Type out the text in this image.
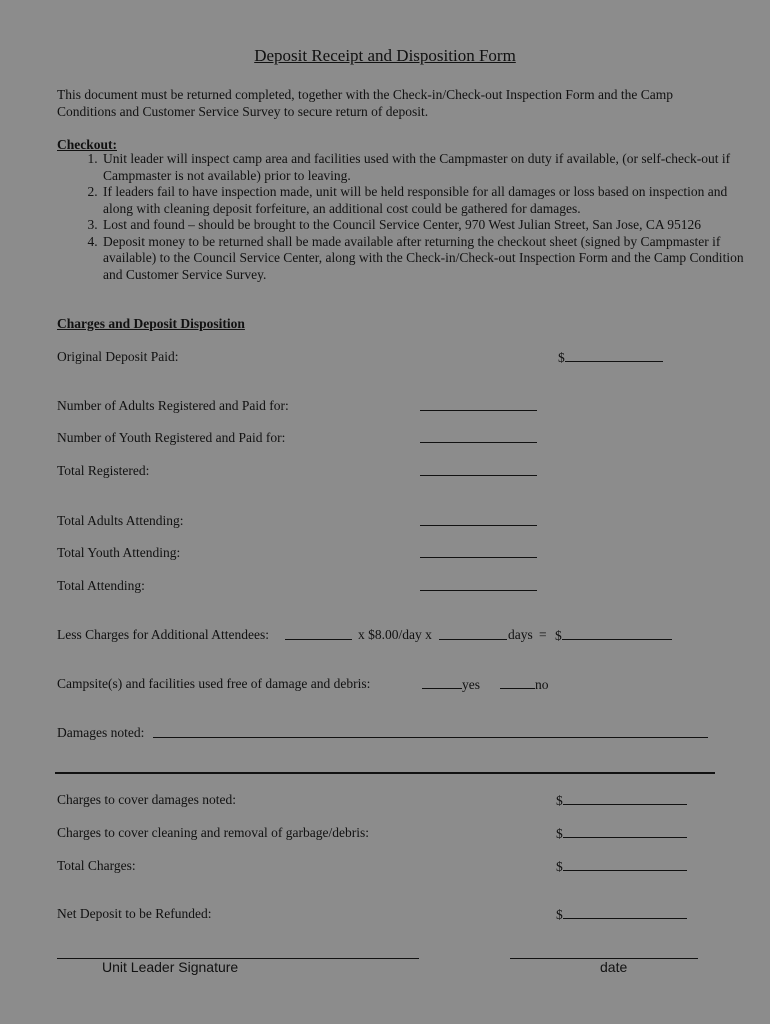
Deposit Receipt and Disposition Form
This document must be returned completed, together with the Check-in/Check-out Inspection Form and the Camp Conditions and Customer Service Survey to secure return of deposit.
Checkout:
1. Unit leader will inspect camp area and facilities used with the Campmaster on duty if available, (or self-check-out if Campmaster is not available) prior to leaving.
2. If leaders fail to have inspection made, unit will be held responsible for all damages or loss based on inspection and along with cleaning deposit forfeiture, an additional cost could be gathered for damages.
3. Lost and found – should be brought to the Council Service Center, 970 West Julian Street, San Jose, CA 95126
4. Deposit money to be returned shall be made available after returning the checkout sheet (signed by Campmaster if available) to the Council Service Center, along with the Check-in/Check-out Inspection Form and the Camp Condition and Customer Service Survey.
Charges and Deposit Disposition
Original Deposit Paid:	$
Number of Adults Registered and Paid for:
Number of Youth Registered and Paid for:
Total Registered:
Total Adults Attending:
Total Youth Attending:
Total Attending:
Less Charges for Additional Attendees:	x $8.00/day x	days = $
Campsite(s) and facilities used free of damage and debris:	yes	no
Damages noted:
Charges to cover damages noted:	$
Charges to cover cleaning and removal of garbage/debris:	$
Total Charges:	$
Net Deposit to be Refunded:	$
Unit Leader Signature	date
